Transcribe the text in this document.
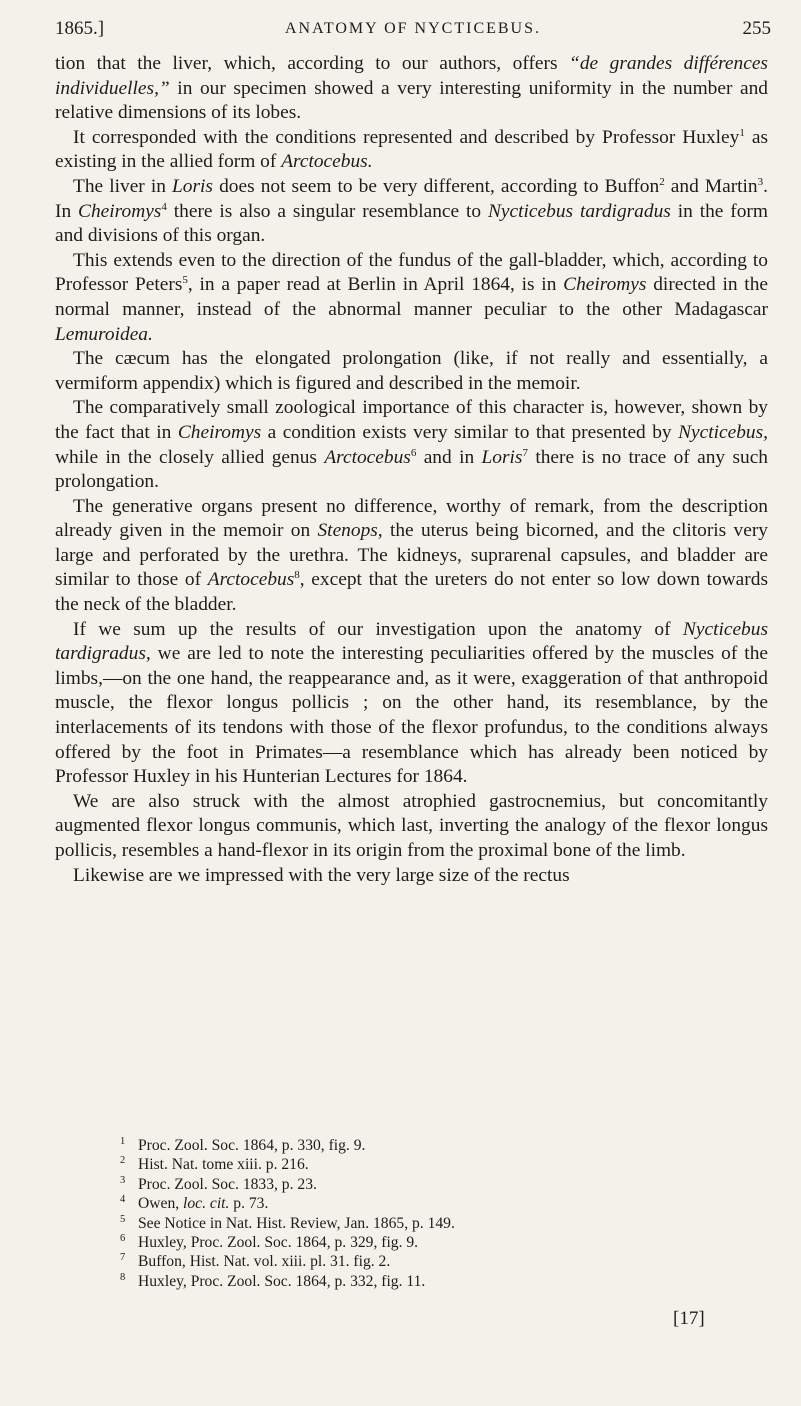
1865.]	ANATOMY OF NYCTICEBUS.	255

tion that the liver, which, according to our authors, offers “de grandes différences individuelles,” in our specimen showed a very interesting uniformity in the number and relative dimensions of its lobes.

It corresponded with the conditions represented and described by Professor Huxley$^1$ as existing in the allied form of Arctocebus.

The liver in Loris does not seem to be very different, according to Buffon$^2$ and Martin$^3$. In Cheiromys$^4$ there is also a singular resemblance to Nycticebus tardigradus in the form and divisions of this organ.

This extends even to the direction of the fundus of the gall-bladder, which, according to Professor Peters$^5$, in a paper read at Berlin in April 1864, is in Cheiromys directed in the normal manner, instead of the abnormal manner peculiar to the other Madagascar Lemuroidea.

The cæcum has the elongated prolongation (like, if not really and essentially, a vermiform appendix) which is figured and described in the memoir.

The comparatively small zoological importance of this character is, however, shown by the fact that in Cheiromys a condition exists very similar to that presented by Nycticebus, while in the closely allied genus Arctocebus$^6$ and in Loris$^7$ there is no trace of any such prolongation.

The generative organs present no difference, worthy of remark, from the description already given in the memoir on Stenops, the uterus being bicorned, and the clitoris very large and perforated by the urethra. The kidneys, suprarenal capsules, and bladder are similar to those of Arctocebus$^8$, except that the ureters do not enter so low down towards the neck of the bladder.

If we sum up the results of our investigation upon the anatomy of Nycticebus tardigradus, we are led to note the interesting peculiarities offered by the muscles of the limbs,—on the one hand, the reappearance and, as it were, exaggeration of that anthropoid muscle, the flexor longus pollicis ; on the other hand, its resemblance, by the interlacements of its tendons with those of the flexor profundus, to the conditions always offered by the foot in Primates—a resemblance which has already been noticed by Professor Huxley in his Hunterian Lectures for 1864.

We are also struck with the almost atrophied gastrocnemius, but concomitantly augmented flexor longus communis, which last, inverting the analogy of the flexor longus pollicis, resembles a hand-flexor in its origin from the proximal bone of the limb.

Likewise are we impressed with the very large size of the rectus

1 Proc. Zool. Soc. 1864, p. 330, fig. 9.
2 Hist. Nat. tome xiii. p. 216.
3 Proc. Zool. Soc. 1833, p. 23.
4 Owen, loc. cit. p. 73.
5 See Notice in Nat. Hist. Review, Jan. 1865, p. 149.
6 Huxley, Proc. Zool. Soc. 1864, p. 329, fig. 9.
7 Buffon, Hist. Nat. vol. xiii. pl. 31. fig. 2.
8 Huxley, Proc. Zool. Soc. 1864, p. 332, fig. 11.
[17]
